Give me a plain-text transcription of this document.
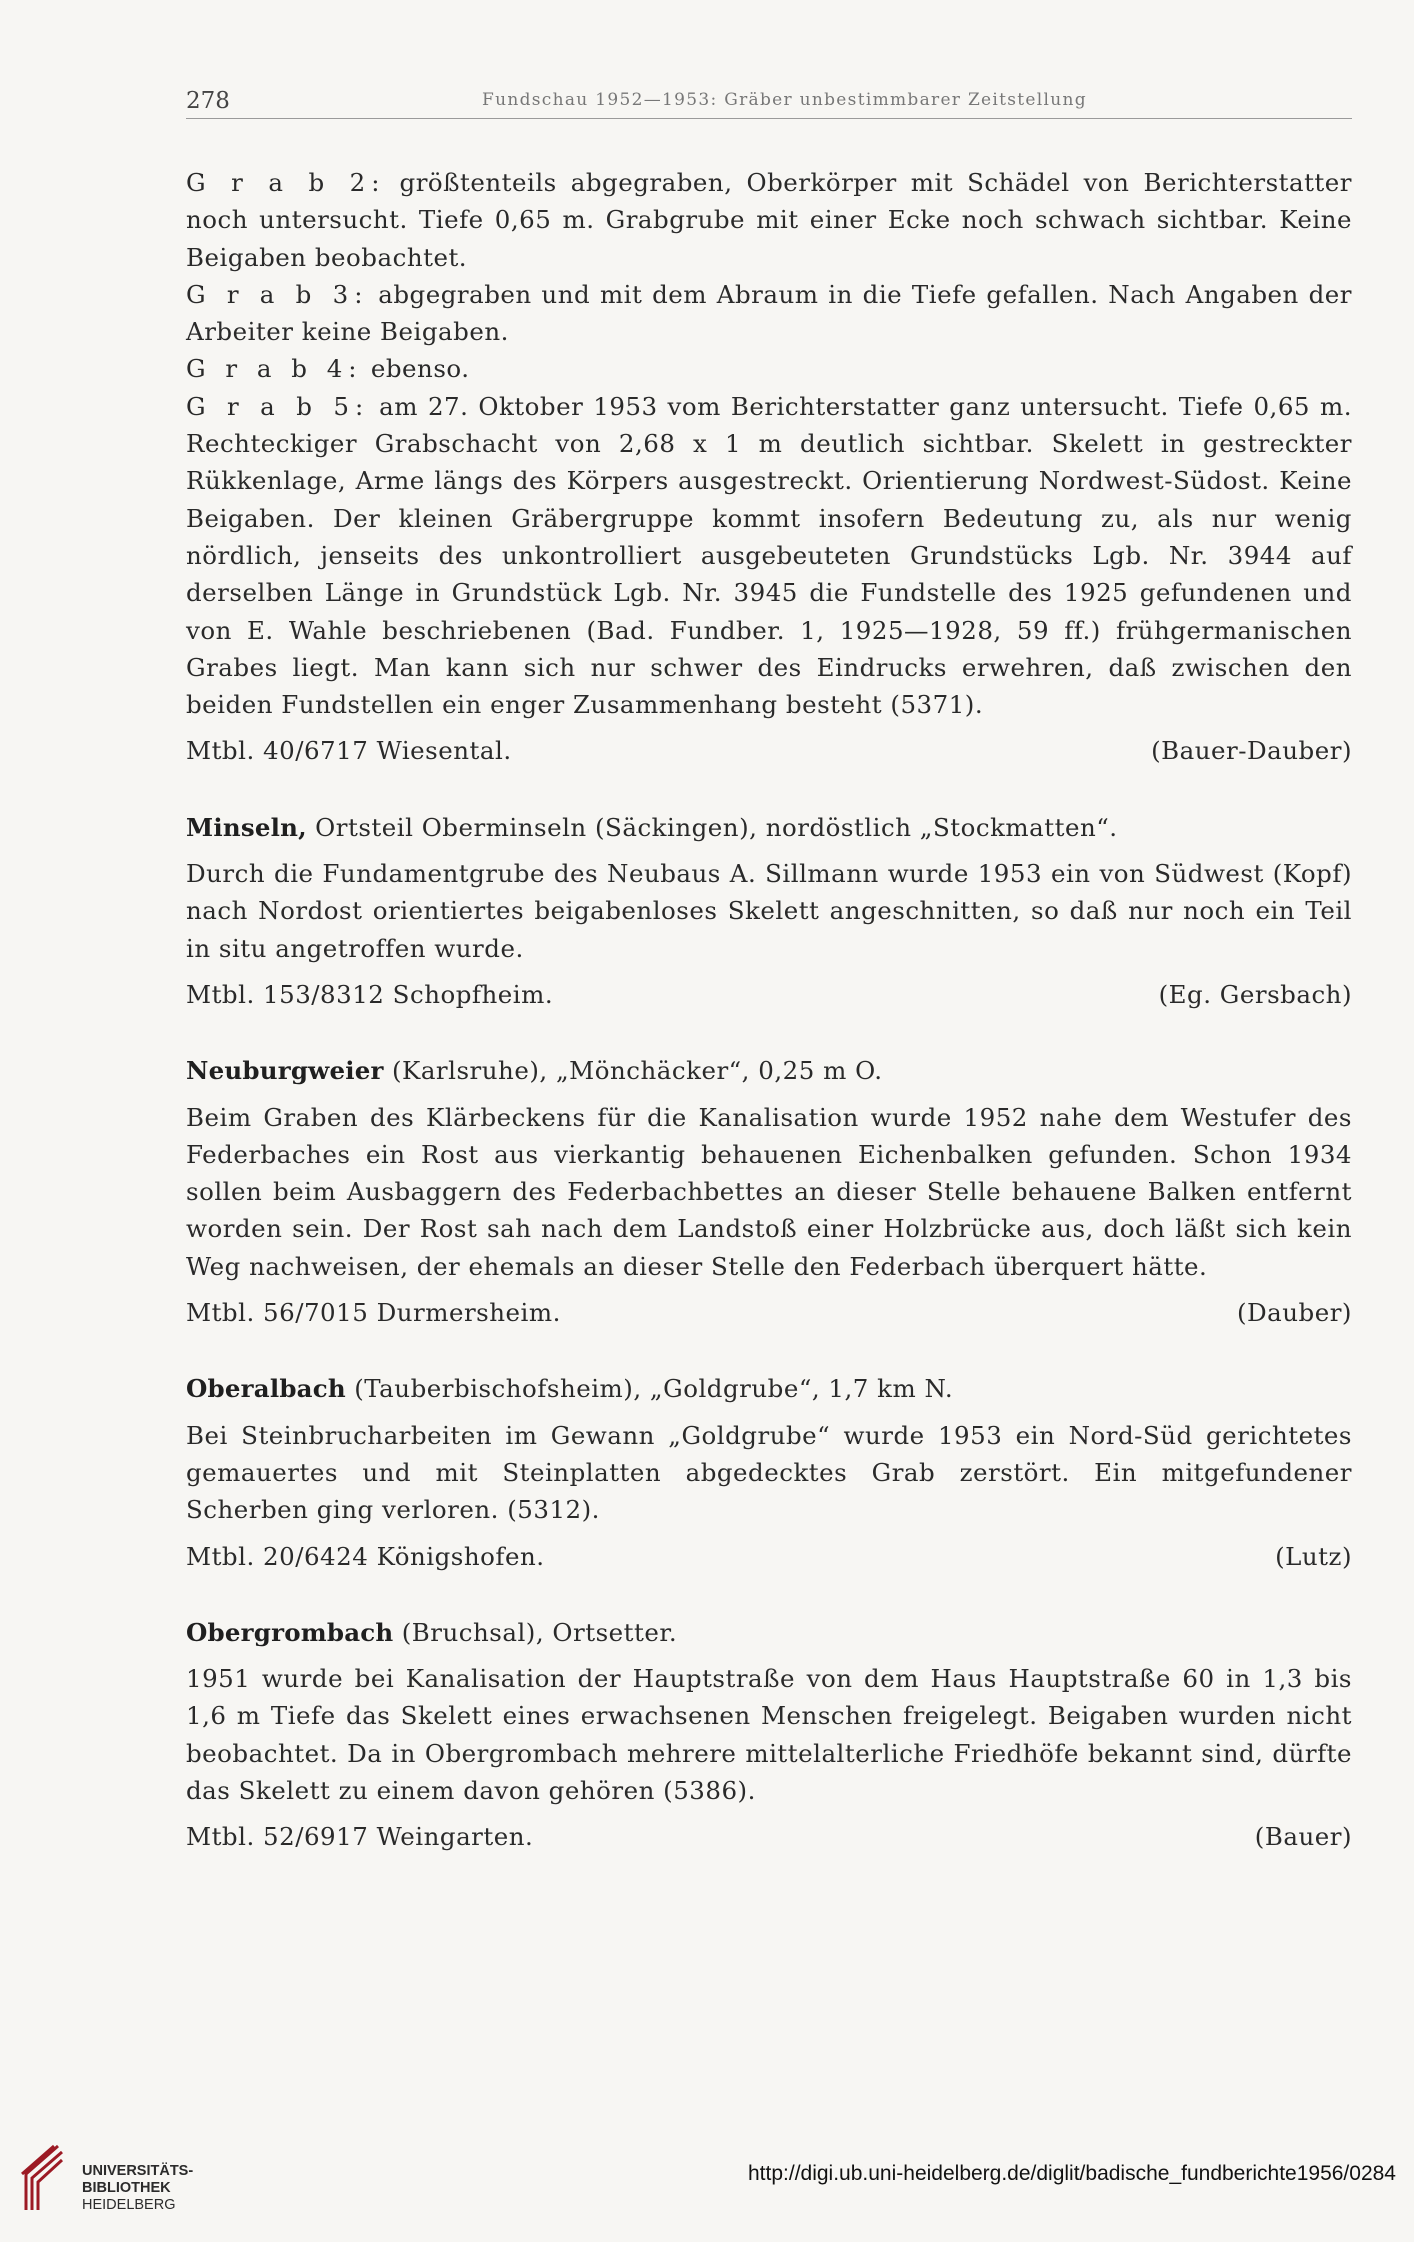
278	Fundschau 1952—1953: Gräber unbestimmbarer Zeitstellung

G r a b 2: größtenteils abgegraben, Oberkörper mit Schädel von Berichterstatter noch untersucht. Tiefe 0,65 m. Grabgrube mit einer Ecke noch schwach sichtbar. Keine Beigaben beobachtet.

G r a b 3: abgegraben und mit dem Abraum in die Tiefe gefallen. Nach Angaben der Arbeiter keine Beigaben.

G r a b 4: ebenso.

G r a b 5: am 27. Oktober 1953 vom Berichterstatter ganz untersucht. Tiefe 0,65 m. Rechteckiger Grabschacht von 2,68 x 1 m deutlich sichtbar. Skelett in gestreckter Rükkenlage, Arme längs des Körpers ausgestreckt. Orientierung Nordwest-Südost. Keine Beigaben. Der kleinen Gräbergruppe kommt insofern Bedeutung zu, als nur wenig nördlich, jenseits des unkontrolliert ausgebeuteten Grundstücks Lgb. Nr. 3944 auf derselben Länge in Grundstück Lgb. Nr. 3945 die Fundstelle des 1925 gefundenen und von E. Wahle beschriebenen (Bad. Fundber. 1, 1925—1928, 59 ff.) frühgermanischen Grabes liegt. Man kann sich nur schwer des Eindrucks erwehren, daß zwischen den beiden Fundstellen ein enger Zusammenhang besteht (5371).

Mtbl. 40/6717 Wiesental.	(Bauer-Dauber)
Minseln, Ortsteil Oberminseln (Säckingen), nordöstlich „Stockmatten“.

Durch die Fundamentgrube des Neubaus A. Sillmann wurde 1953 ein von Südwest (Kopf) nach Nordost orientiertes beigabenloses Skelett angeschnitten, so daß nur noch ein Teil in situ angetroffen wurde.

Mtbl. 153/8312 Schopfheim.	(Eg. Gersbach)
Neuburgweier (Karlsruhe), „Mönchäcker“, 0,25 m O.

Beim Graben des Klärbeckens für die Kanalisation wurde 1952 nahe dem Westufer des Federbaches ein Rost aus vierkantig behauenen Eichenbalken gefunden. Schon 1934 sollen beim Ausbaggern des Federbachbettes an dieser Stelle behauene Balken entfernt worden sein. Der Rost sah nach dem Landstoß einer Holzbrücke aus, doch läßt sich kein Weg nachweisen, der ehemals an dieser Stelle den Federbach überquert hätte.

Mtbl. 56/7015 Durmersheim.	(Dauber)
Oberalbach (Tauberbischofsheim), „Goldgrube“, 1,7 km N.

Bei Steinbrucharbeiten im Gewann „Goldgrube“ wurde 1953 ein Nord-Süd gerichtetes gemauertes und mit Steinplatten abgedecktes Grab zerstört. Ein mitgefundener Scherben ging verloren. (5312).

Mtbl. 20/6424 Königshofen.	(Lutz)
Obergrombach (Bruchsal), Ortsetter.

1951 wurde bei Kanalisation der Hauptstraße von dem Haus Hauptstraße 60 in 1,3 bis 1,6 m Tiefe das Skelett eines erwachsenen Menschen freigelegt. Beigaben wurden nicht beobachtet. Da in Obergrombach mehrere mittelalterliche Friedhöfe bekannt sind, dürfte das Skelett zu einem davon gehören (5386).

Mtbl. 52/6917 Weingarten.	(Bauer)
UNIVERSITÄTS-
BIBLIOTHEK
HEIDELBERG
http://digi.ub.uni-heidelberg.de/diglit/badische_fundberichte1956/0284
